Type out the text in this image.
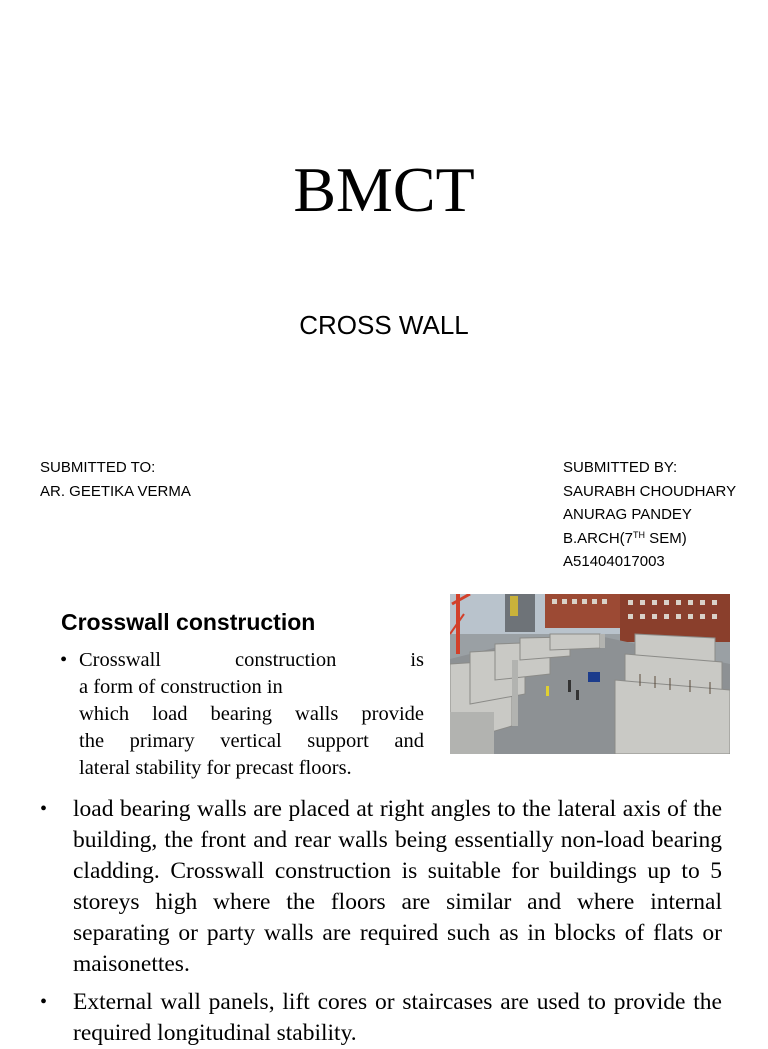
BMCT
CROSS WALL
SUBMITTED TO:
AR. GEETIKA VERMA
SUBMITTED BY:
SAURABH CHOUDHARY
ANURAG PANDEY
B.ARCH(7TH SEM)
A51404017003
Crosswall construction
• Crosswall construction is
a form of construction in
which load bearing walls provide
the primary vertical support and
lateral stability for precast floors.
• load bearing walls are placed at right angles to the lateral axis of the building, the front and rear walls being essentially non-load bearing cladding. Crosswall construction is suitable for buildings up to 5 storeys high where the floors are similar and where internal separating or party walls are required such as in blocks of flats or maisonettes.
• External wall panels, lift cores or staircases are used to provide the required longitudinal stability.
